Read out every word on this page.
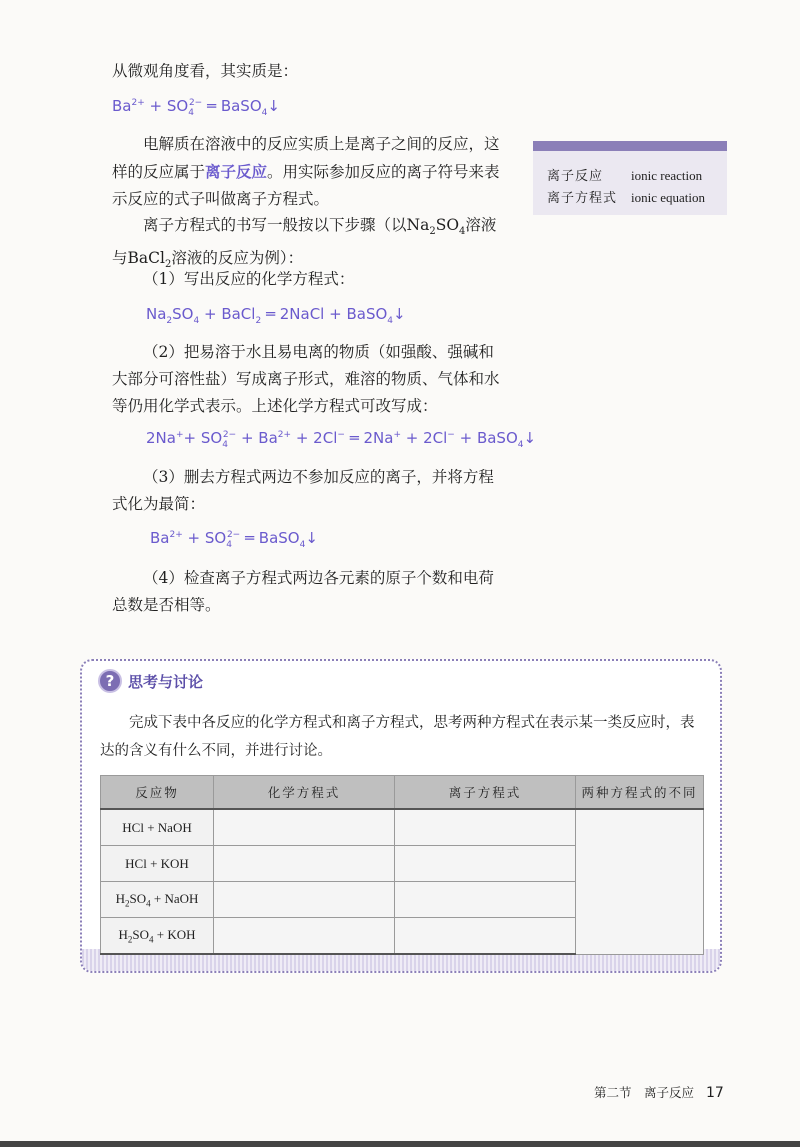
从微观角度看，其实质是：

$Ba^{2+} + SO_4^{2-}$ ═ BaSO$_4$↓

电解质在溶液中的反应实质上是离子之间的反应，这样的反应属于离子反应。用实际参加反应的离子符号来表示反应的式子叫做离子方程式。

离子方程式的书写一般按以下步骤（以$Na_2SO_4$溶液与BaCl$_2$溶液的反应为例）：

（1）写出反应的化学方程式：

$Na_2SO_4$ + BaCl$_2$ ═ 2NaCl + BaSO$_4$↓

（2）把易溶于水且易电离的物质（如强酸、强碱和大部分可溶性盐）写成离子形式，难溶的物质、气体和水等仍用化学式表示。上述化学方程式可改写成：

$2Na^++ SO_4^{2-} + Ba^{2+} + 2Cl^-$ ═ 2Na+ + 2Cl− + BaSO$_4$↓

（3）删去方程式两边不参加反应的离子，并将方程式化为最简：

$Ba^{2+} + SO_4^{2-}$ ═ BaSO$_4$↓

（4）检查离子方程式两边各元素的原子个数和电荷总数是否相等。

离子反应 ionic reaction
离子方程式 ionic equation
? 思考与讨论

完成下表中各反应的化学方程式和离子方程式，思考两种方程式在表示某一类反应时，表达的含义有什么不同，并进行讨论。

反应物	化学方程式	离子方程式	两种方程式的不同
HCl + NaOH			
HCl + KOH			
$H_2SO_4$ + NaOH			
$H_2SO_4$ + KOH			
第二节　离子反应 17
